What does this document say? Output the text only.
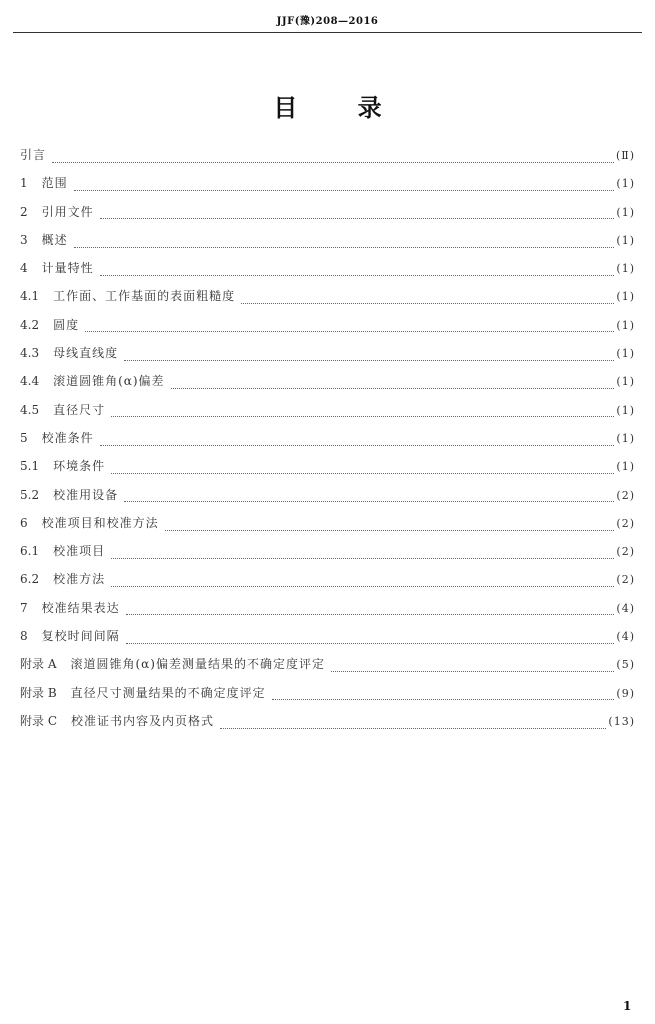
JJF(豫)208—2016
目 录
引言	(Ⅱ)
1 范围	(1)
2 引用文件	(1)
3 概述	(1)
4 计量特性	(1)
4.1 工作面、工作基面的表面粗糙度	(1)
4.2 圆度	(1)
4.3 母线直线度	(1)
4.4 滚道圆锥角(α)偏差	(1)
4.5 直径尺寸	(1)
5 校准条件	(1)
5.1 环境条件	(1)
5.2 校准用设备	(2)
6 校准项目和校准方法	(2)
6.1 校准项目	(2)
6.2 校准方法	(2)
7 校准结果表达	(4)
8 复校时间间隔	(4)
附录 A 滚道圆锥角(α)偏差测量结果的不确定度评定	(5)
附录 B 直径尺寸测量结果的不确定度评定	(9)
附录 C 校准证书内容及内页格式	(13)
1
